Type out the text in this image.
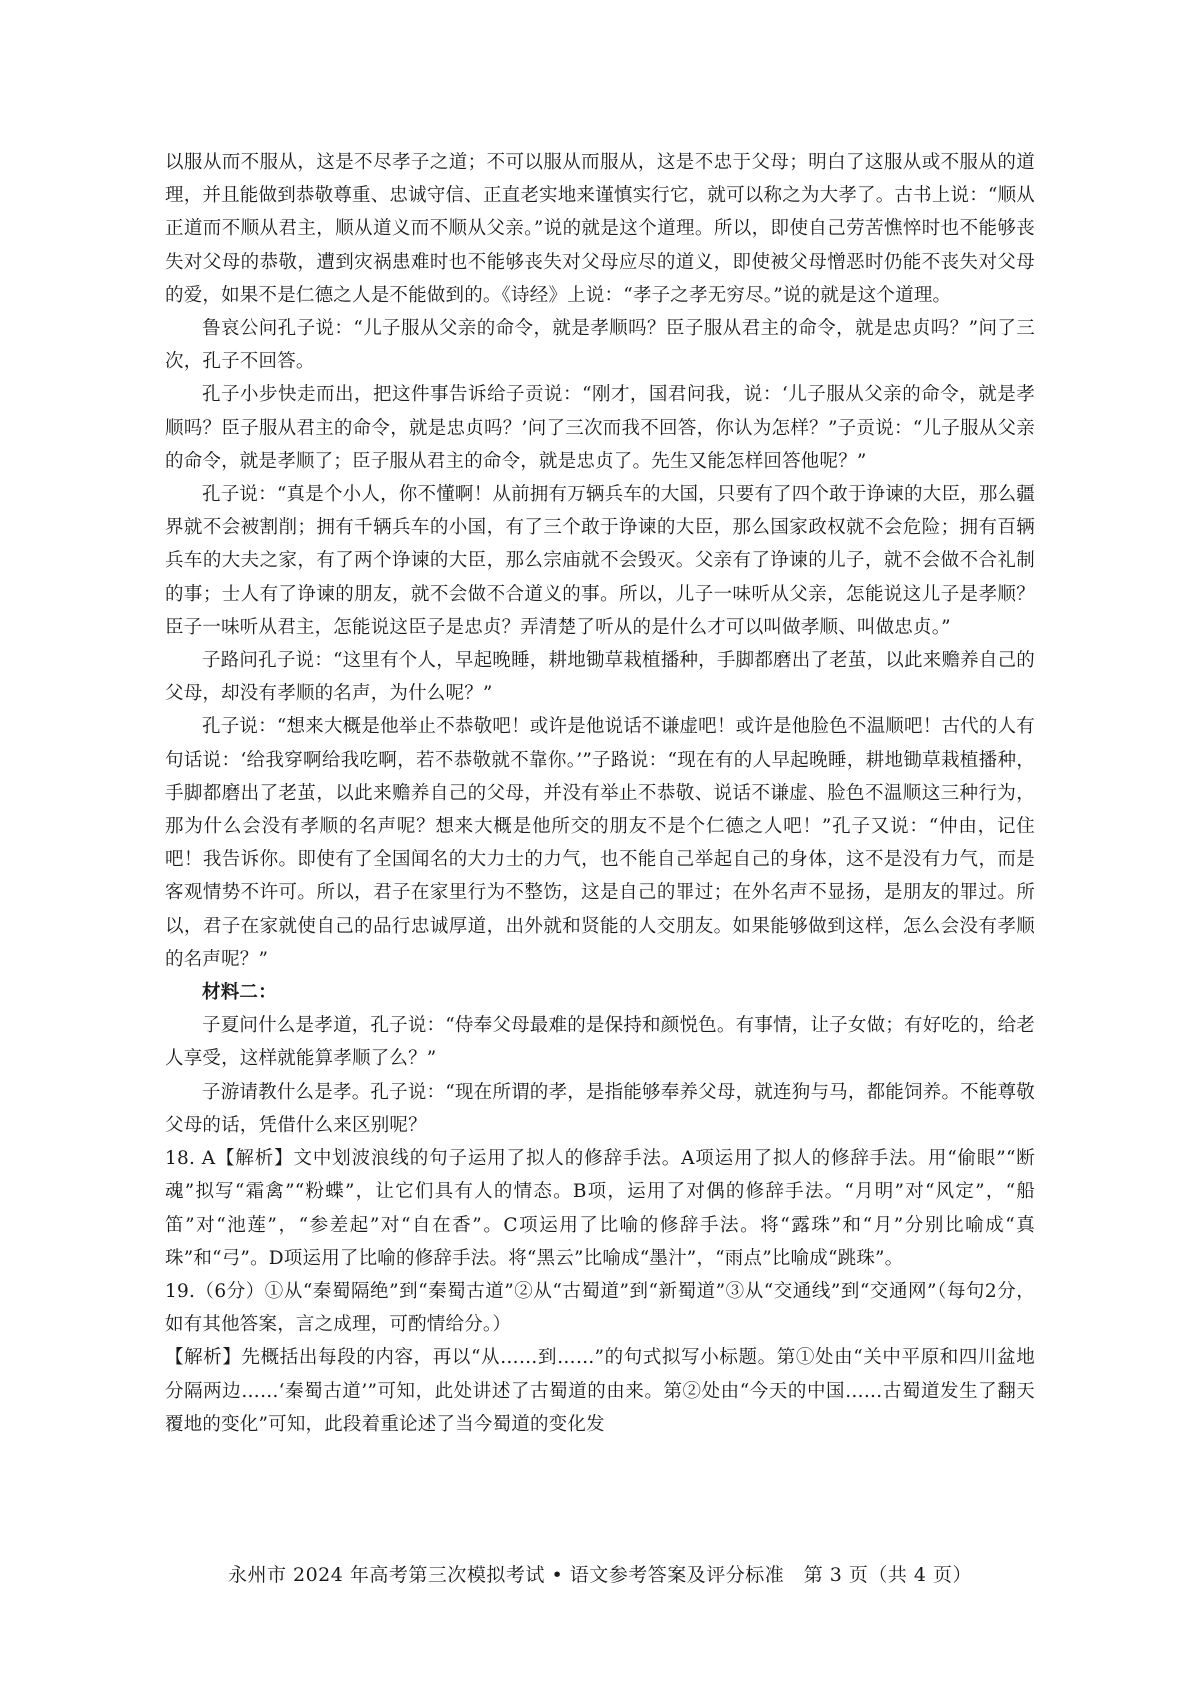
以服从而不服从，这是不尽孝子之道；不可以服从而服从，这是不忠于父母；明白了这服从或不服从的道理，并且能做到恭敬尊重、忠诚守信、正直老实地来谨慎实行它，就可以称之为大孝了。古书上说：“顺从正道而不顺从君主，顺从道义而不顺从父亲。”说的就是这个道理。所以，即使自己劳苦憔悴时也不能够丧失对父母的恭敬，遭到灾祸患难时也不能够丧失对父母应尽的道义，即使被父母憎恶时仍能不丧失对父母的爱，如果不是仁德之人是不能做到的。《诗经》上说：“孝子之孝无穷尽。”说的就是这个道理。

鲁哀公问孔子说：“儿子服从父亲的命令，就是孝顺吗？臣子服从君主的命令，就是忠贞吗？”问了三次，孔子不回答。

孔子小步快走而出，把这件事告诉给子贡说：“刚才，国君问我，说：‘儿子服从父亲的命令，就是孝顺吗？臣子服从君主的命令，就是忠贞吗？’问了三次而我不回答，你认为怎样？”子贡说：“儿子服从父亲的命令，就是孝顺了；臣子服从君主的命令，就是忠贞了。先生又能怎样回答他呢？”

孔子说：“真是个小人，你不懂啊！从前拥有万辆兵车的大国，只要有了四个敢于诤谏的大臣，那么疆界就不会被割削；拥有千辆兵车的小国，有了三个敢于诤谏的大臣，那么国家政权就不会危险；拥有百辆兵车的大夫之家，有了两个诤谏的大臣，那么宗庙就不会毁灭。父亲有了诤谏的儿子，就不会做不合礼制的事；士人有了诤谏的朋友，就不会做不合道义的事。所以，儿子一味听从父亲，怎能说这儿子是孝顺？臣子一味听从君主，怎能说这臣子是忠贞？弄清楚了听从的是什么才可以叫做孝顺、叫做忠贞。”

子路问孔子说：“这里有个人，早起晚睡，耕地锄草栽植播种，手脚都磨出了老茧，以此来赡养自己的父母，却没有孝顺的名声，为什么呢？”

孔子说：“想来大概是他举止不恭敬吧！或许是他说话不谦虚吧！或许是他脸色不温顺吧！古代的人有句话说：‘给我穿啊给我吃啊，若不恭敬就不靠你。’”子路说：“现在有的人早起晚睡，耕地锄草栽植播种，手脚都磨出了老茧，以此来赡养自己的父母，并没有举止不恭敬、说话不谦虚、脸色不温顺这三种行为，那为什么会没有孝顺的名声呢？想来大概是他所交的朋友不是个仁德之人吧！”孔子又说：“仲由，记住吧！我告诉你。即使有了全国闻名的大力士的力气，也不能自己举起自己的身体，这不是没有力气，而是客观情势不许可。所以，君子在家里行为不整饬，这是自己的罪过；在外名声不显扬，是朋友的罪过。所以，君子在家就使自己的品行忠诚厚道，出外就和贤能的人交朋友。如果能够做到这样，怎么会没有孝顺的名声呢？”

材料二：

子夏问什么是孝道，孔子说：“侍奉父母最难的是保持和颜悦色。有事情，让子女做；有好吃的，给老人享受，这样就能算孝顺了么？”

子游请教什么是孝。孔子说：“现在所谓的孝，是指能够奉养父母，就连狗与马，都能饲养。不能尊敬父母的话，凭借什么来区别呢？

18. A【解析】文中划波浪线的句子运用了拟人的修辞手法。A项运用了拟人的修辞手法。用“偷眼”“断魂”拟写“霜禽”“粉蝶”，让它们具有人的情态。B项，运用了对偶的修辞手法。“月明”对“风定”，“船笛”对“池莲”，“参差起”对“自在香”。C项运用了比喻的修辞手法。将“露珠”和“月”分别比喻成“真珠”和“弓”。D项运用了比喻的修辞手法。将“黑云”比喻成“墨汁”，“雨点”比喻成“跳珠”。

19.（6分）①从“秦蜀隔绝”到“秦蜀古道”②从“古蜀道”到“新蜀道”③从“交通线”到“交通网”（每句2分，如有其他答案，言之成理，可酌情给分。）

【解析】先概括出每段的内容，再以“从……到……”的句式拟写小标题。第①处由“关中平原和四川盆地分隔两边……‘秦蜀古道’”可知，此处讲述了古蜀道的由来。第②处由“今天的中国……古蜀道发生了翻天覆地的变化”可知，此段着重论述了当今蜀道的变化发

永州市 2024 年高考第三次模拟考试 • 语文参考答案及评分标准　第 3 页（共 4 页）
